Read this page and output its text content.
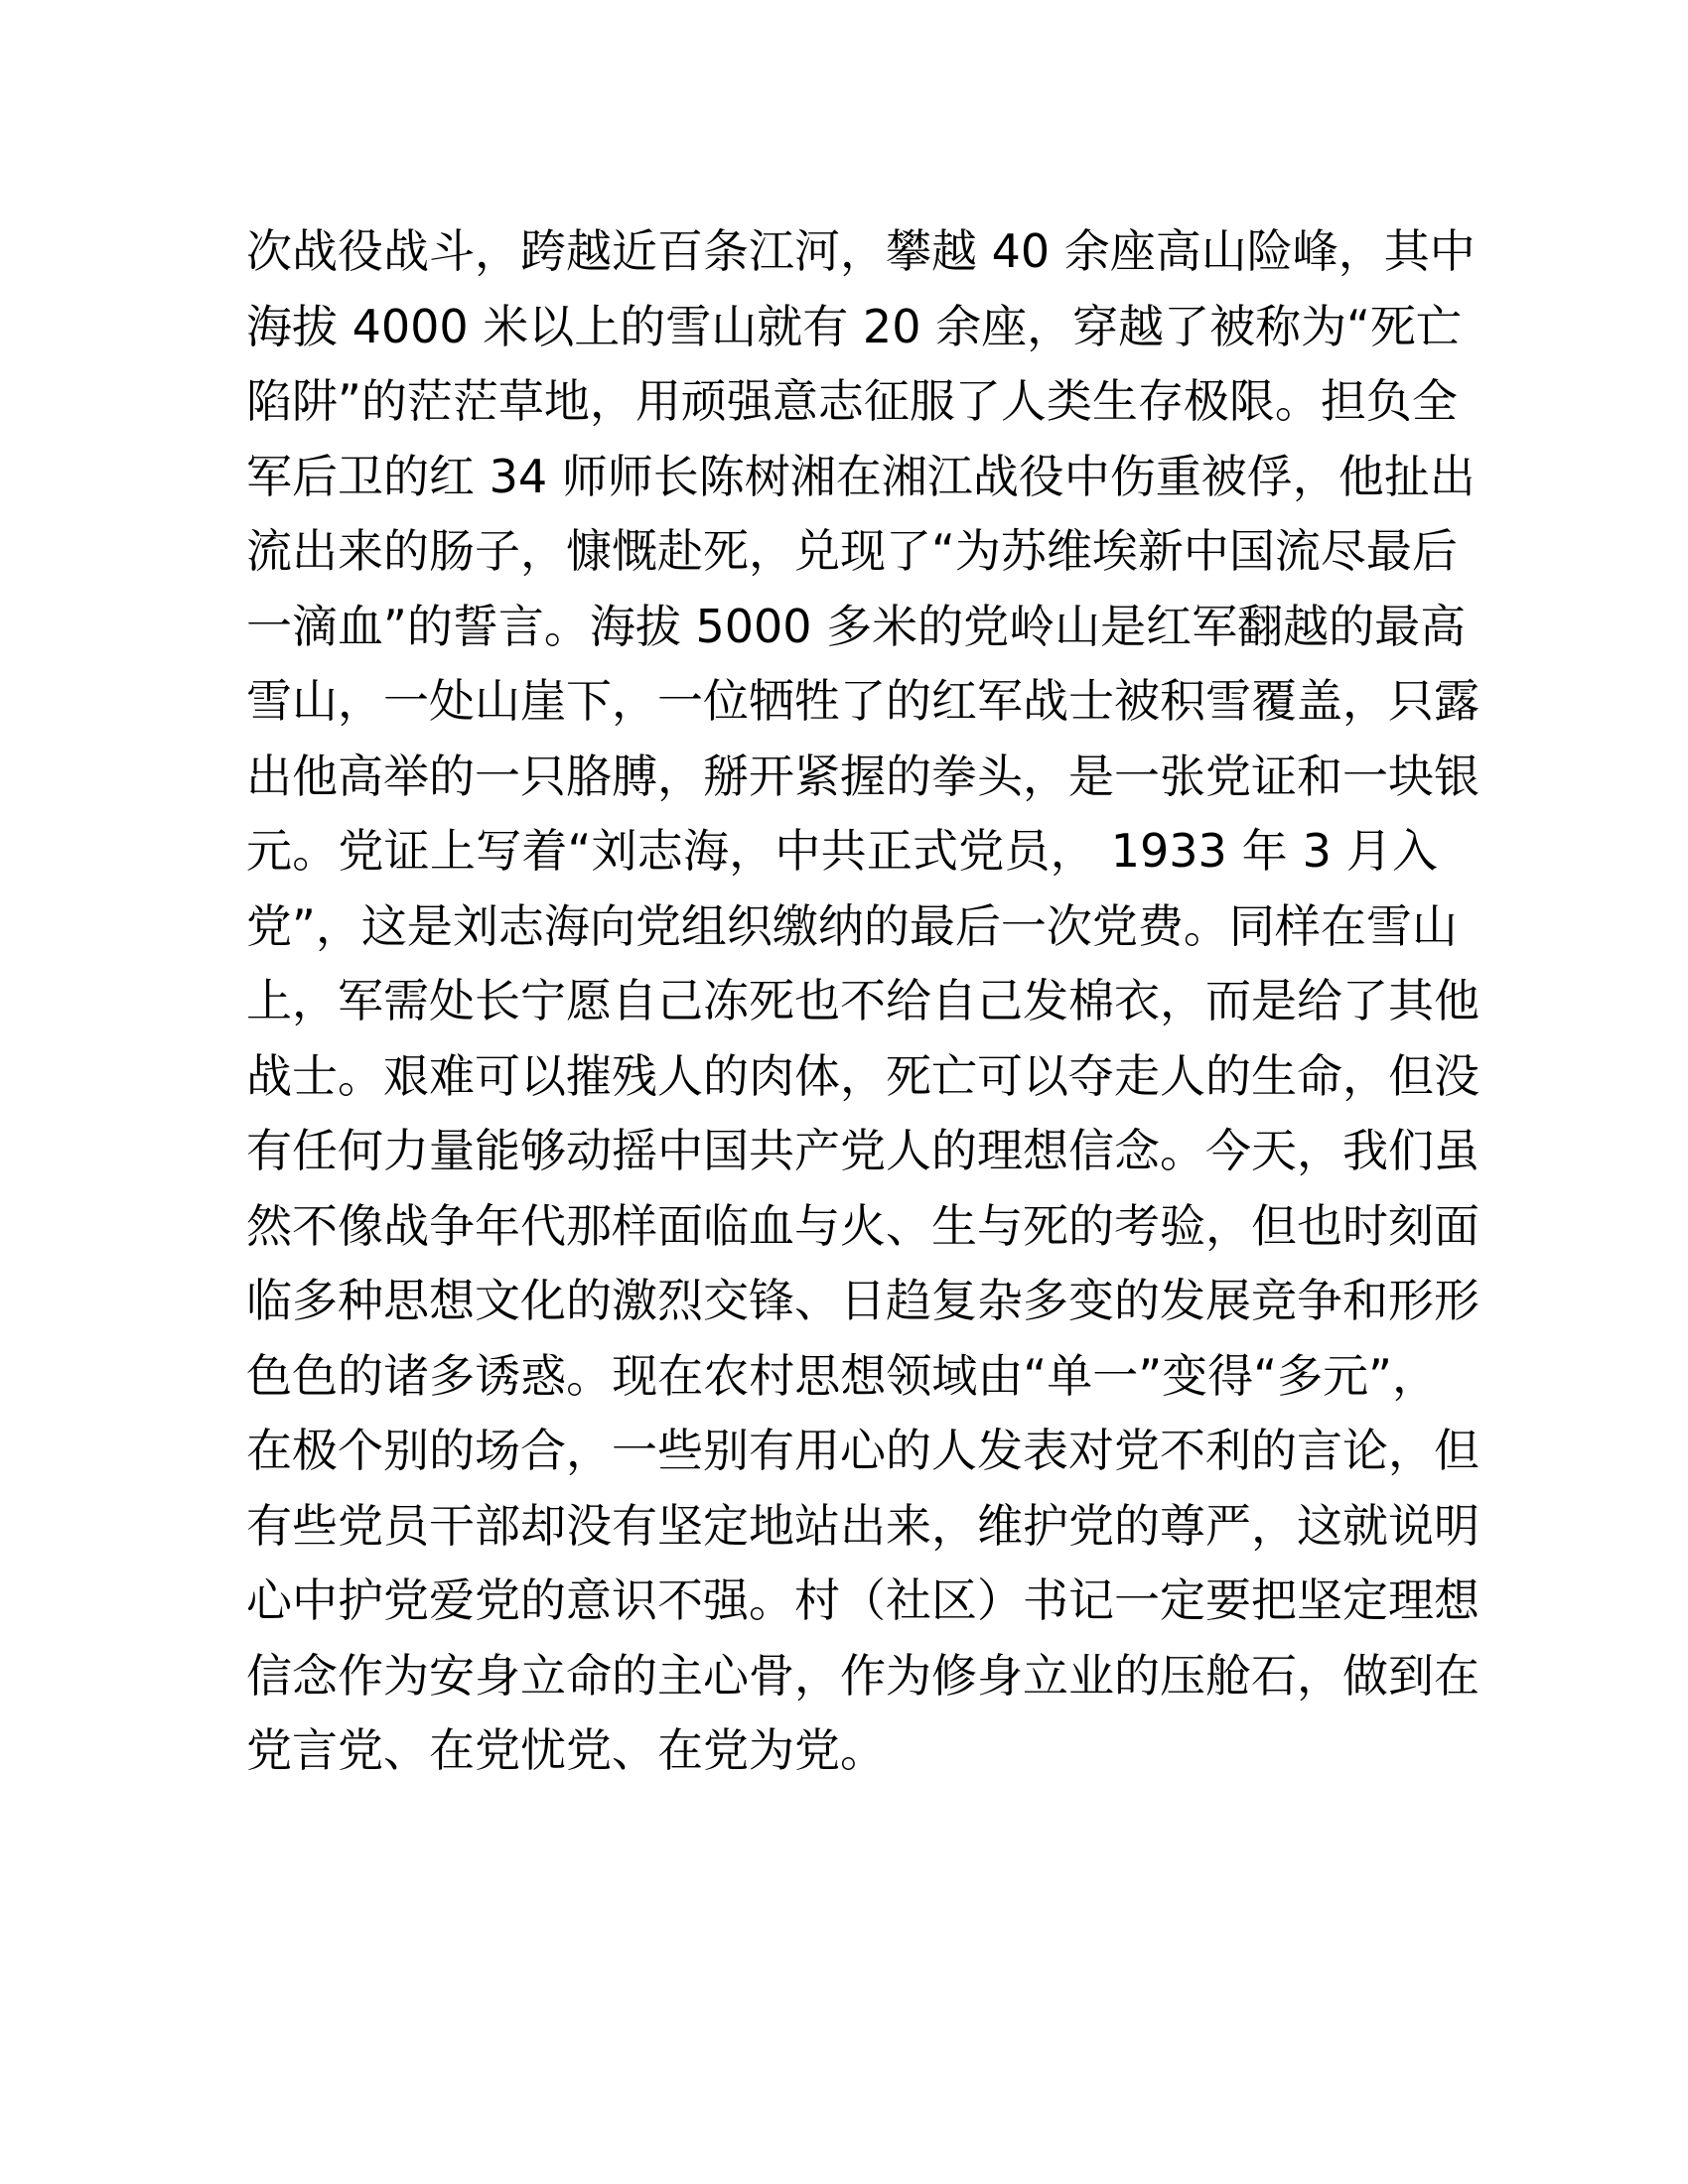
次战役战斗，跨越近百条江河，攀越 40 余座高山险峰，其中
海拔 4000 米以上的雪山就有 20 余座，穿越了被称为“死亡
陷阱”的茫茫草地，用顽强意志征服了人类生存极限。担负全
军后卫的红 34 师师长陈树湘在湘江战役中伤重被俘，他扯出
流出来的肠子，慷慨赴死，兑现了“为苏维埃新中国流尽最后
一滴血”的誓言。海拔 5000 多米的党岭山是红军翻越的最高
雪山，一处山崖下，一位牺牲了的红军战士被积雪覆盖，只露
出他高举的一只胳膊，掰开紧握的拳头，是一张党证和一块银
元。党证上写着“刘志海，中共正式党员， 1933 年 3 月入
党”，这是刘志海向党组织缴纳的最后一次党费。同样在雪山
上，军需处长宁愿自己冻死也不给自己发棉衣，而是给了其他
战士。艰难可以摧残人的肉体，死亡可以夺走人的生命，但没
有任何力量能够动摇中国共产党人的理想信念。今天，我们虽
然不像战争年代那样面临血与火、生与死的考验，但也时刻面
临多种思想文化的激烈交锋、日趋复杂多变的发展竞争和形形
色色的诸多诱惑。现在农村思想领域由“单一”变得“多元”，
在极个别的场合，一些别有用心的人发表对党不利的言论，但
有些党员干部却没有坚定地站出来，维护党的尊严，这就说明
心中护党爱党的意识不强。村（社区）书记一定要把坚定理想
信念作为安身立命的主心骨，作为修身立业的压舱石，做到在
党言党、在党忧党、在党为党。
